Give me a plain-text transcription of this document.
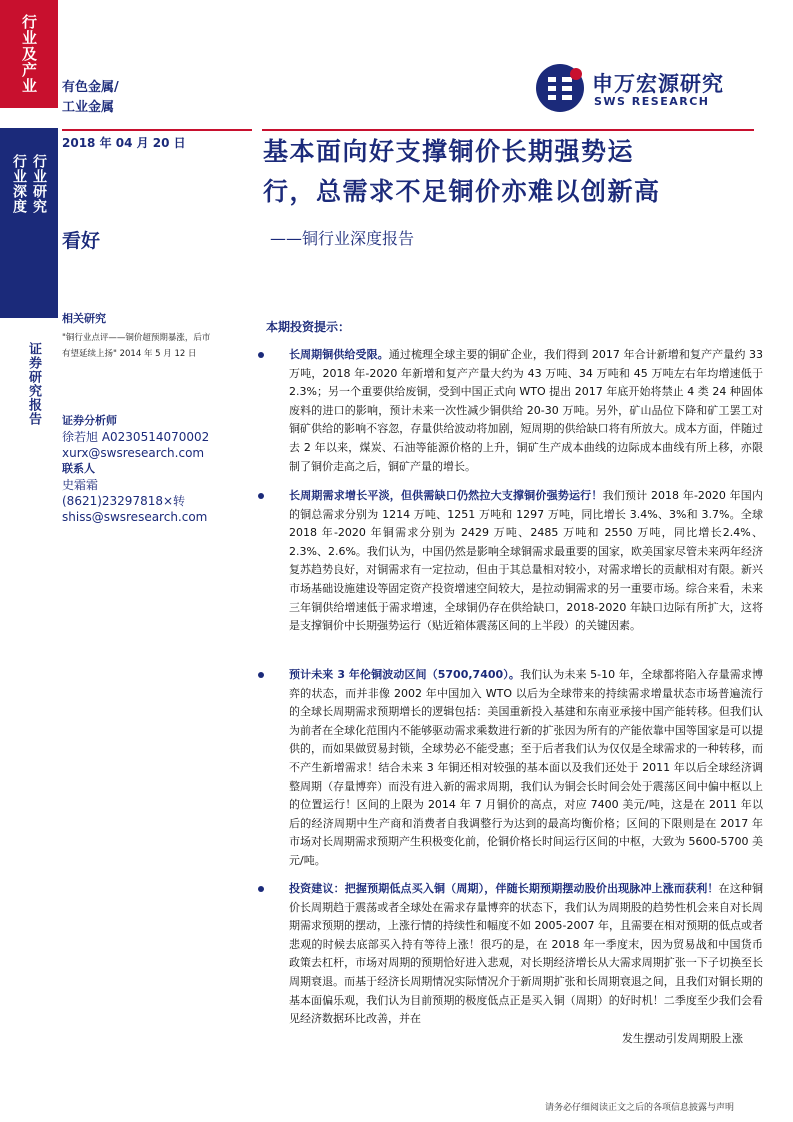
行业及产业
行业研究
行业深度
证券研究报告
有色金属/
工业金属
申万宏源研究
SWS RESEARCH
2018 年 04 月 20 日	基本面向好支撑铜价长期强势运
行，总需求不足铜价亦难以创新高
——铜行业深度报告
看好
相关研究
"铜行业点评——铜价超预期暴涨，后市
有望延续上扬" 2014 年 5 月 12 日
证券分析师
徐若旭 A0230514070002
xurx@swsresearch.com
联系人
史霜霜
(8621)23297818×转
shiss@swsresearch.com
本期投资提示：

长周期铜供给受限。通过梳理全球主要的铜矿企业，我们得到 2017 年合计新增和复产产量约 33 万吨，2018 年-2020 年新增和复产产量大约为 43 万吨、34 万吨和 45 万吨左右年均增速低于 2.3%；另一个重要供给废铜，受到中国正式向 WTO 提出 2017 年底开始将禁止 4 类 24 种固体废料的进口的影响，预计未来一次性减少铜供给 20-30 万吨。另外，矿山品位下降和矿工罢工对铜矿供给的影响不容忽，存量供给波动将加剧，短周期的供给缺口将有所放大。成本方面，伴随过去 2 年以来，煤炭、石油等能源价格的上升，铜矿生产成本曲线的边际成本曲线有所上移，亦限制了铜价走高之后，铜矿产量的增长。

长周期需求增长平淡，但供需缺口仍然拉大支撑铜价强势运行！我们预计 2018 年-2020 年国内的铜总需求分别为 1214 万吨、1251 万吨和 1297 万吨，同比增长 3.4%、3%和 3.7%。全球 2018 年-2020 年铜需求分别为 2429 万吨、2485 万吨和 2550 万吨，同比增长2.4%、2.3%、2.6%。我们认为，中国仍然是影响全球铜需求最重要的国家，欧美国家尽管未来两年经济复苏趋势良好，对铜需求有一定拉动，但由于其总量相对较小，对需求增长的贡献相对有限。新兴市场基础设施建设等固定资产投资增速空间较大，是拉动铜需求的另一重要市场。综合来看，未来三年铜供给增速低于需求增速，全球铜仍存在供给缺口，2018-2020 年缺口边际有所扩大，这将是支撑铜价中长期强势运行（贴近箱体震荡区间的上半段）的关键因素。

预计未来 3 年伦铜波动区间（5700,7400）。我们认为未来 5-10 年，全球都将陷入存量需求博弈的状态，而并非像 2002 年中国加入 WTO 以后为全球带来的持续需求增量状态市场普遍流行的全球长周期需求预期增长的逻辑包括：美国重新投入基建和东南亚承接中国产能转移。但我们认为前者在全球化范围内不能够驱动需求乘数进行新的扩张因为所有的产能依靠中国等国家是可以提供的，而如果做贸易封锁，全球势必不能受惠；至于后者我们认为仅仅是全球需求的一种转移，而不产生新增需求！结合未来 3 年铜还相对较强的基本面以及我们还处于 2011 年以后全球经济调整周期（存量博弈）而没有进入新的需求周期，我们认为铜会长时间会处于震荡区间中偏中枢以上的位置运行！区间的上限为 2014 年 7 月铜价的高点，对应 7400 美元/吨，这是在 2011 年以后的经济周期中生产商和消费者自我调整行为达到的最高均衡价格；区间的下限则是在 2017 年市场对长周期需求预期产生积极变化前，伦铜价格长时间运行区间的中枢，大致为 5600-5700 美元/吨。

投资建议：把握预期低点买入铜（周期），伴随长期预期摆动股价出现脉冲上涨而获利！在这种铜价长周期趋于震荡或者全球处在需求存量博弈的状态下，我们认为周期股的趋势性机会来自对长周期需求预期的摆动，上涨行情的持续性和幅度不如 2005-2007 年，且需要在相对预期的低点或者悲观的时候去底部买入持有等待上涨！很巧的是，在 2018 年一季度末，因为贸易战和中国货币政策去杠杆，市场对周期的预期恰好进入悲观，对长期经济增长从大需求周期扩张一下子切换至长周期衰退。而基于经济长周期情况实际情况介于新周期扩张和长周期衰退之间，且我们对铜长期的基本面偏乐观，我们认为目前预期的极度低点正是买入铜（周期）的好时机！二季度至少我们会看见经济数据环比改善，并在

发生摆动引发周期股上涨
请务必仔细阅读正文之后的各项信息披露与声明
